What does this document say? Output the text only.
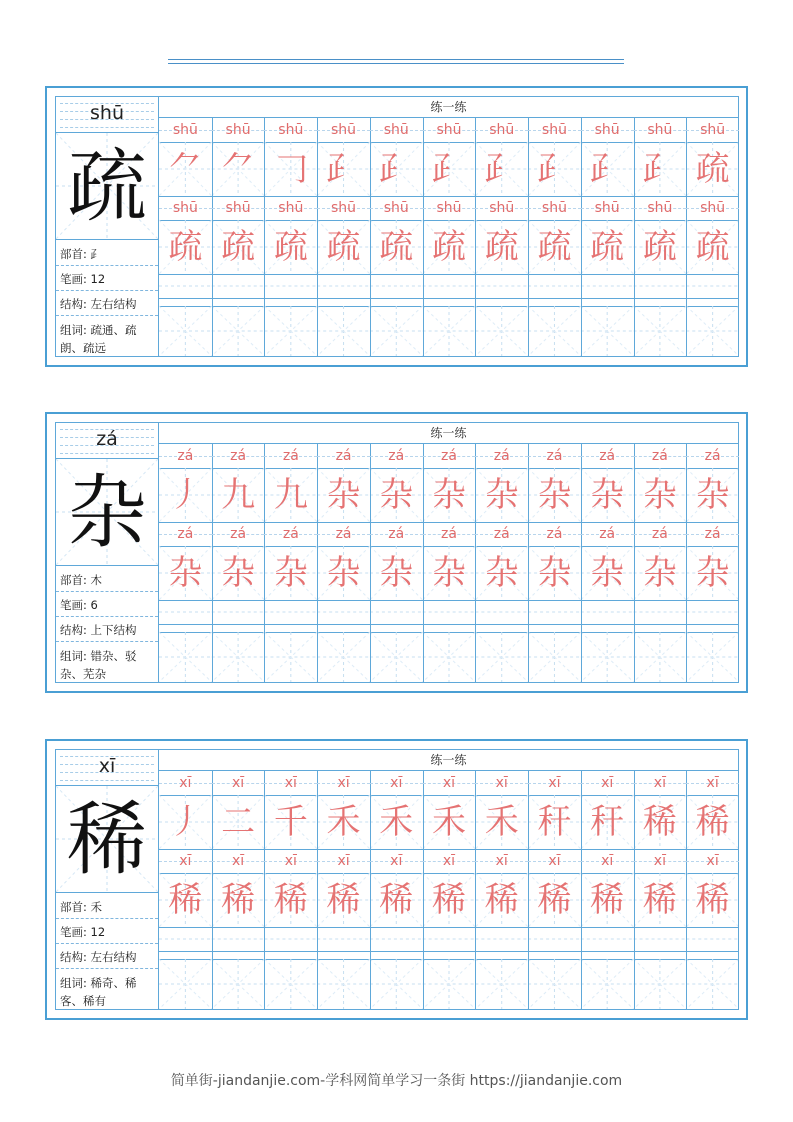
shū
疏
部首: ⺪
笔画: 12
结构: 左右结构
组词: 疏通、疏
朗、疏远
练一练
shū
⺈
shū
疏
shū
⺈
shū
疏
shū
𠃌
shū
疏
shū
⺪
shū
疏
shū
⺪
shū
疏
shū
⺪
shū
疏
shū
⺪
shū
疏
shū
⺪
shū
疏
shū
⺪
shū
疏
shū
⺪
shū
疏
shū
疏
shū
疏
zá
杂
部首: 木
笔画: 6
结构: 上下结构
组词: 错杂、驳
杂、芜杂
练一练
zá
丿
zá
杂
zá
九
zá
杂
zá
九
zá
杂
zá
杂
zá
杂
zá
杂
zá
杂
zá
杂
zá
杂
zá
杂
zá
杂
zá
杂
zá
杂
zá
杂
zá
杂
zá
杂
zá
杂
zá
杂
zá
杂
xī
稀
部首: 禾
笔画: 12
结构: 左右结构
组词: 稀奇、稀
客、稀有
练一练
xī
丿
xī
稀
xī
二
xī
稀
xī
千
xī
稀
xī
禾
xī
稀
xī
禾
xī
稀
xī
禾
xī
稀
xī
禾
xī
稀
xī
秆
xī
稀
xī
秆
xī
稀
xī
稀
xī
稀
xī
稀
xī
稀
简单街-jiandanjie.com-学科网简单学习一条街 https://jiandanjie.com
